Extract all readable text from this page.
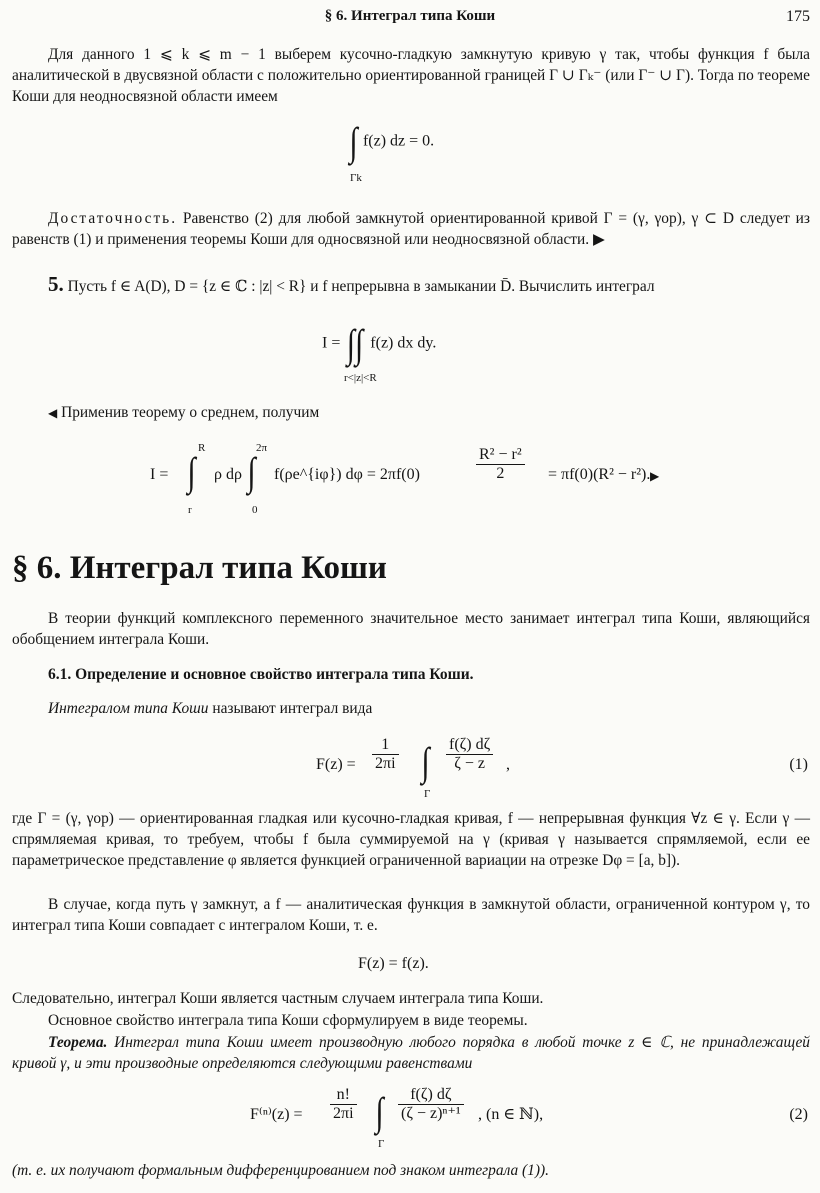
§ 6. Интеграл типа Коши	175
Для данного 1 ⩽ k ⩽ m − 1 выберем кусочно-гладкую замкнутую кривую γ так, чтобы функция f была аналитической в двусвязной области с положительно ориентированной границей Γ ∪ Γₖ⁻ (или Γ⁻ ∪ Γ). Тогда по теореме Коши для неодносвязной области имеем
∫ f(z) dz = 0.
Γk
Достаточность. Равенство (2) для любой замкнутой ориентированной кривой Γ = (γ, γop), γ ⊂ D следует из равенств (1) и применения теоремы Коши для односвязной или неодносвязной области. ▶
5. Пусть f ∈ A(D), D = {z ∈ ℂ : |z| < R} и f непрерывна в замыкании D̄. Вычислить интеграл
I = ∫∫ f(z) dx dy.
r<|z|<R
◀ Применив теорему о среднем, получим
I =
R
∫
r
ρ dρ
2π
∫
0
f(ρe^{iφ}) dφ = 2πf(0)	$\frac{\text{R² − r²}}{2} = \pi f(0)(R^2 - r^2)$. ▶
§ 6. Интеграл типа Коши
В теории функций комплексного переменного значительное место занимает интеграл типа Коши, являющийся обобщением интеграла Коши.
6.1. Определение и основное свойство интеграла типа Коши.
Интегралом типа Коши называют интеграл вида
$F(z) = \frac{1}{2\pi i}$ ∫
Γ
$\frac{f(\zeta) d\zeta}{\zeta - z}$ ,	(1)
где Γ = (γ, γop) — ориентированная гладкая или кусочно-гладкая кривая, f — непрерывная функция ∀z ∈ γ. Если γ — спрямляемая кривая, то требуем, чтобы f была суммируемой на γ (кривая γ называется спрямляемой, если ее параметрическое представление φ является функцией ограниченной вариации на отрезке Dφ = [a, b]).
В случае, когда путь γ замкнут, а f — аналитическая функция в замкнутой области, ограниченной контуром γ, то интеграл типа Коши совпадает с интегралом Коши, т. е.
F(z) = f(z).
Следовательно, интеграл Коши является частным случаем интеграла типа Коши.
Основное свойство интеграла типа Коши сформулируем в виде теоремы.
Теорема. Интеграл типа Коши имеет производную любого порядка в любой точке z ∈ ℂ, не принадлежащей кривой γ, и эти производные определяются следующими равенствами
$F^{(n)}(z) = \frac{n!}{2\pi i}$ ∫
Γ
$\frac{f(\zeta) d\zeta}{\text{(ζ − z)ⁿ⁺¹}}$ , (n ∈ ℕ),	(2)
(т. е. их получают формальным дифференцированием под знаком интеграла (1)).
